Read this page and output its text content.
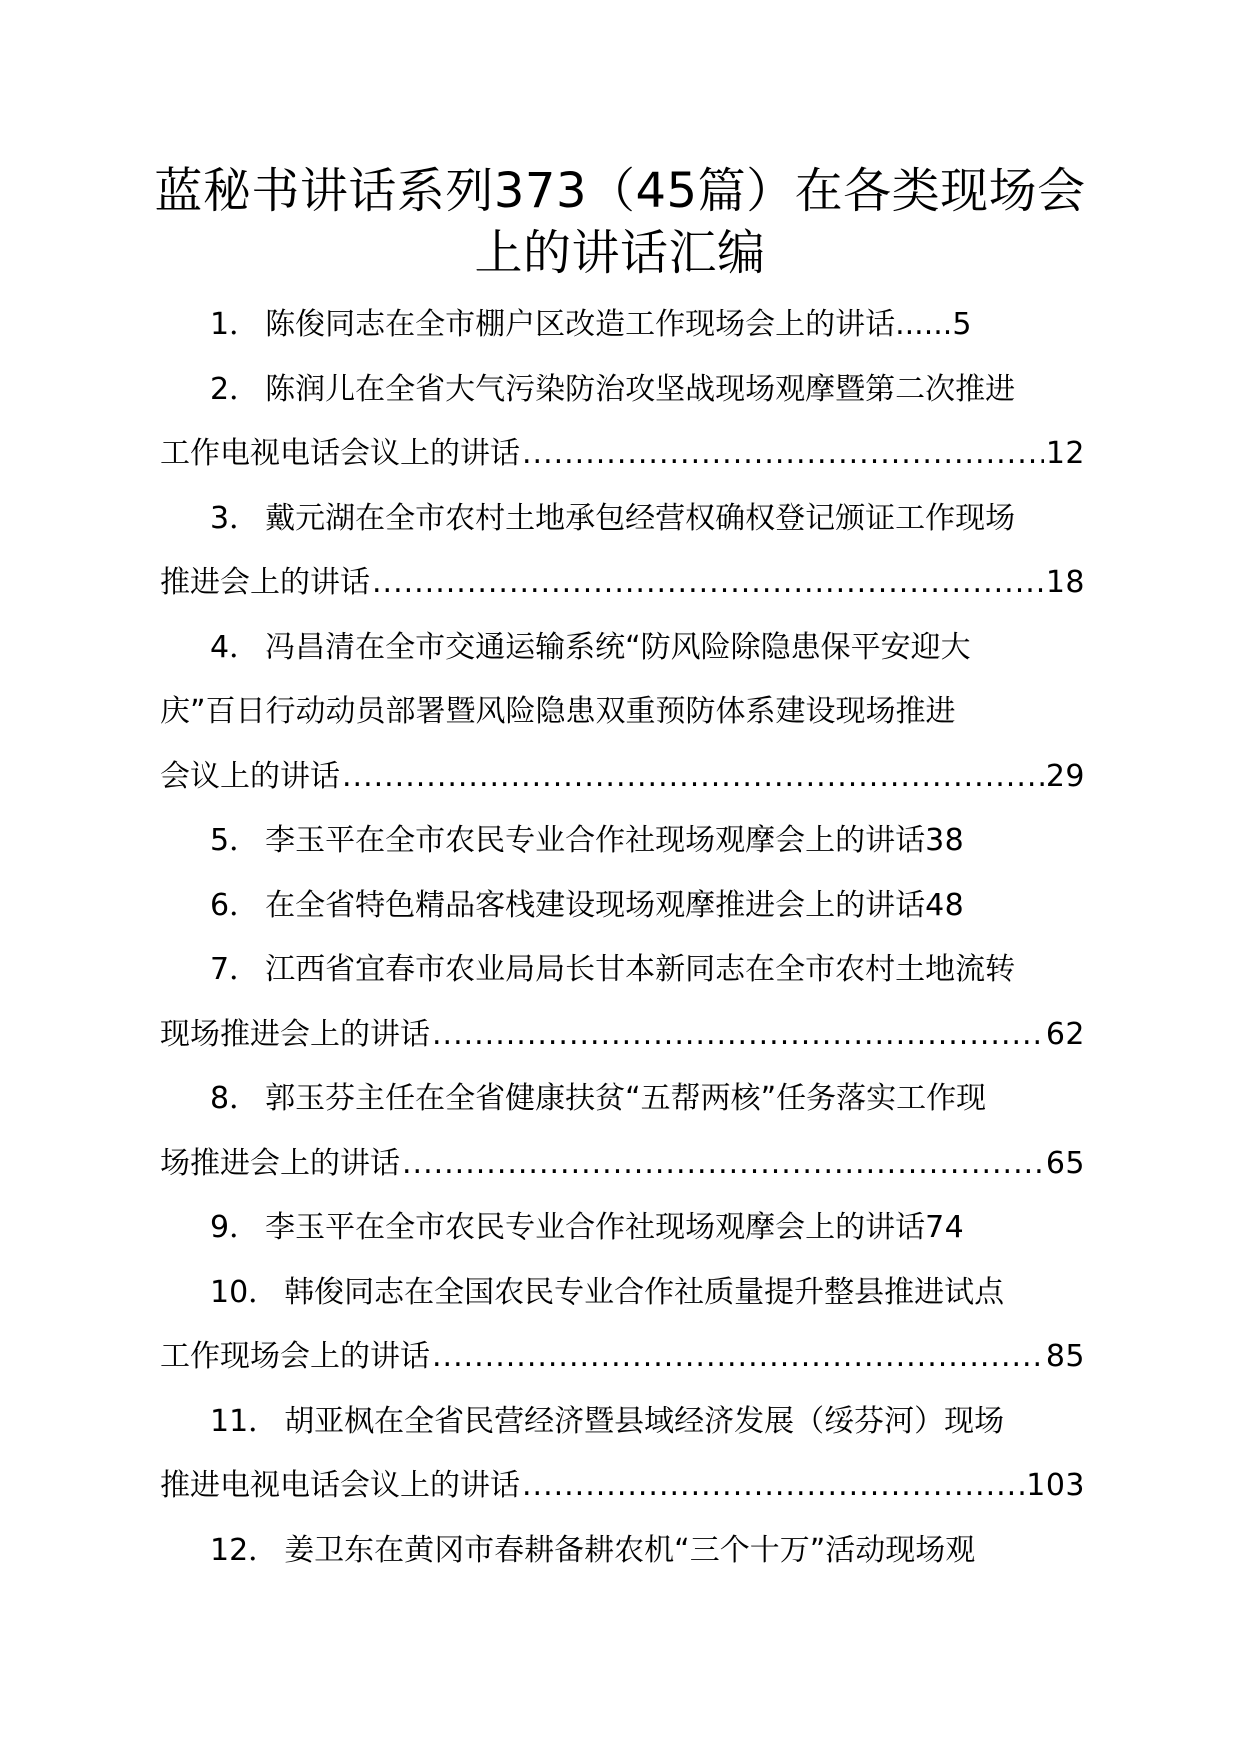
蓝秘书讲话系列373（45篇）在各类现场会
上的讲话汇编
1． 陈俊同志在全市棚户区改造工作现场会上的讲话...... 5
2． 陈润儿在全省大气污染防治攻坚战现场观摩暨第二次推进
工作电视电话会议上的讲话 .....	12
3． 戴元湖在全市农村土地承包经营权确权登记颁证工作现场
推进会上的讲话 .....	18
4． 冯昌清在全市交通运输系统“防风险除隐患保平安迎大
庆”百日行动动员部署暨风险隐患双重预防体系建设现场推进
会议上的讲话 .....	29
5． 李玉平在全市农民专业合作社现场观摩会上的讲话 38
6． 在全省特色精品客栈建设现场观摩推进会上的讲话 48
7． 江西省宜春市农业局局长甘本新同志在全市农村土地流转
现场推进会上的讲话 .....	62
8． 郭玉芬主任在全省健康扶贫“五帮两核”任务落实工作现
场推进会上的讲话 .....	65
9． 李玉平在全市农民专业合作社现场观摩会上的讲话 74
10． 韩俊同志在全国农民专业合作社质量提升整县推进试点
工作现场会上的讲话 .....	85
11． 胡亚枫在全省民营经济暨县域经济发展（绥芬河）现场
推进电视电话会议上的讲话 .....	103
12． 姜卫东在黄冈市春耕备耕农机“三个十万”活动现场观
